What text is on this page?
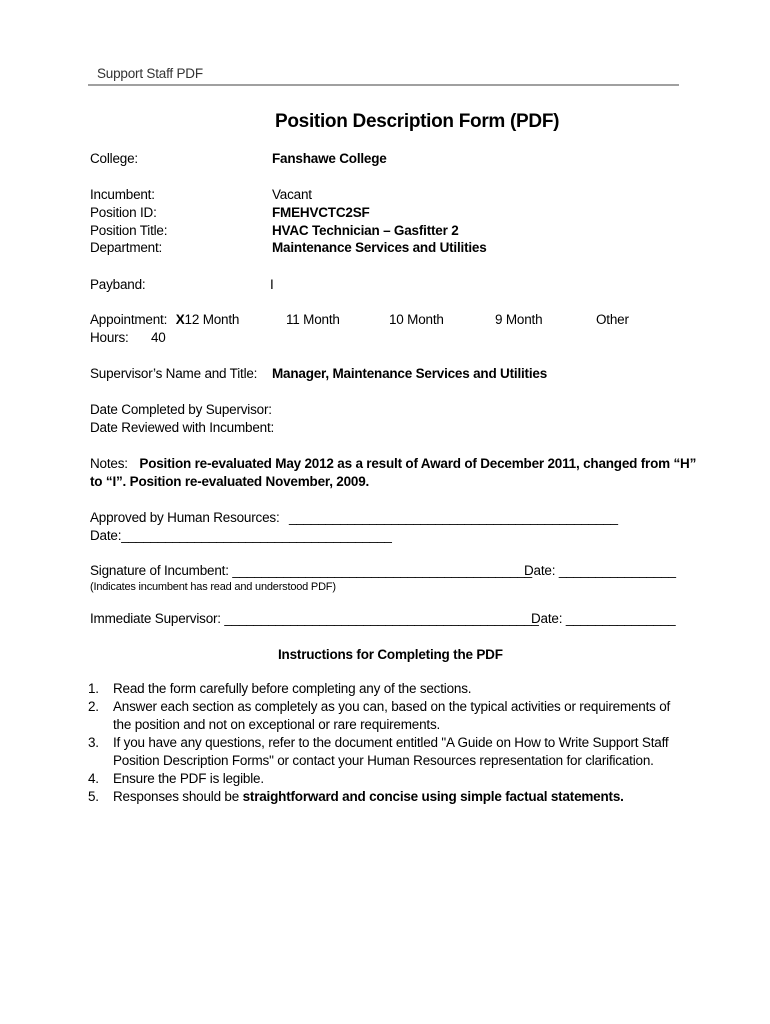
Support Staff PDF
Position Description Form (PDF)
College:	Fanshawe College
Incumbent:	Vacant
Position ID:	FMEHVCTC2SF
Position Title:	HVAC Technician – Gasfitter 2
Department:	Maintenance Services and Utilities
Payband:	I
Appointment: X12 Month	11 Month	10 Month	9 Month	Other
Hours: 40
Supervisor’s Name and Title: Manager, Maintenance Services and Utilities
Date Completed by Supervisor:
Date Reviewed with Incumbent:
Notes: Position re-evaluated May 2012 as a result of Award of December 2011, changed from “H”
to “I”. Position re-evaluated November, 2009.
Approved by Human Resources: _____________________________________________
Date:_____________________________________
Signature of Incumbent: _________________________________________
Date: ________________
(Indicates incumbent has read and understood PDF)
Immediate Supervisor: ___________________________________________
Date: _______________
Instructions for Completing the PDF
1. Read the form carefully before completing any of the sections.
2. Answer each section as completely as you can, based on the typical activities or requirements of the position and not on exceptional or rare requirements.
3. If you have any questions, refer to the document entitled "A Guide on How to Write Support Staff Position Description Forms" or contact your Human Resources representation for clarification.
4. Ensure the PDF is legible.
5. Responses should be straightforward and concise using simple factual statements.
